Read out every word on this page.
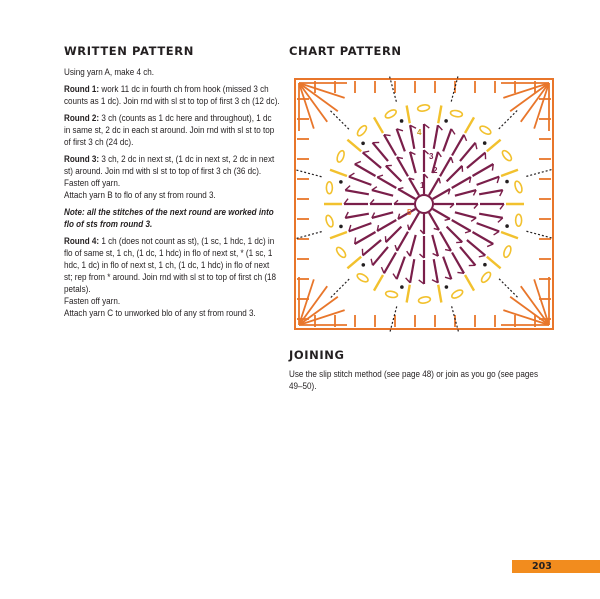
WRITTEN PATTERN

Using yarn A, make 4 ch.

Round 1: work 11 dc in fourth ch from hook (missed 3 ch counts as 1 dc). Join rnd with sl st to top of first 3 ch (12 dc).

Round 2: 3 ch (counts as 1 dc here and throughout), 1 dc in same st, 2 dc in each st around. Join rnd with sl st to top of first 3 ch (24 dc).

Round 3: 3 ch, 2 dc in next st, (1 dc in next st, 2 dc in next st) around. Join rnd with sl st to top of first 3 ch (36 dc).

Fasten off yarn.

Attach yarn B to flo of any st from round 3.

Note: all the stitches of the next round are worked into flo of sts from round 3.

Round 4: 1 ch (does not count as st), (1 sc, 1 hdc, 1 dc) in flo of same st, 1 ch, (1 dc, 1 hdc) in flo of next st, * (1 sc, 1 hdc, 1 dc) in flo of next st, 1 ch, (1 dc, 1 hdc) in flo of next st; rep from * around. Join rnd with sl st to top of first ch (18 petals).

Fasten off yarn.

Attach yarn C to unworked blo of any st from round 3.

CHART PATTERN
1
2
3
4
5
JOINING

Use the slip stitch method (see page 48) or join as you go (see pages 49–50).

203
